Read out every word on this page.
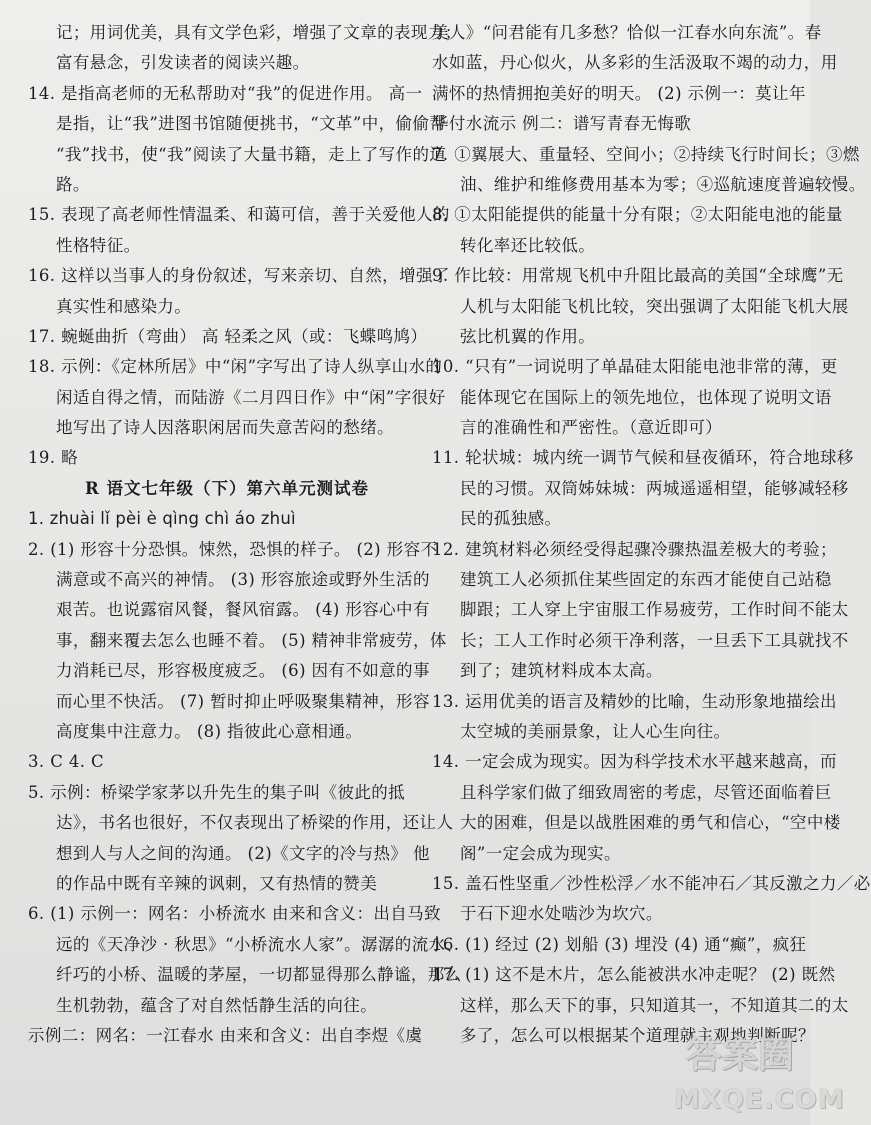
记；用词优美，具有文学色彩，增强了文章的表现力；
富有悬念，引发读者的阅读兴趣。
14. 是指高老师的无私帮助对“我”的促进作用。 高一
是指，让“我”进图书馆随便挑书，“文革”中，偷偷帮
“我”找书，使“我”阅读了大量书籍，走上了写作的道
路。
15. 表现了高老师性情温柔、和蔼可信，善于关爱他人的
性格特征。
16. 这样以当事人的身份叙述，写来亲切、自然，增强了
真实性和感染力。
17. 蜿蜒曲折（弯曲） 高 轻柔之风（或：飞蝶鸣鸠）
18. 示例：《定林所居》中“闲”字写出了诗人纵享山水的
闲适自得之情，而陆游《二月四日作》中“闲”字很好
地写出了诗人因落职闲居而失意苦闷的愁绪。
19. 略
R 语文七年级（下）第六单元测试卷
1. zhuài lǐ pèi è qìng chì áo zhuì
2. (1) 形容十分恐惧。悚然，恐惧的样子。 (2) 形容不
满意或不高兴的神情。 (3) 形容旅途或野外生活的
艰苦。也说露宿风餐，餐风宿露。 (4) 形容心中有
事，翻来覆去怎么也睡不着。 (5) 精神非常疲劳，体
力消耗已尽，形容极度疲乏。 (6) 因有不如意的事
而心里不快活。 (7) 暂时抑止呼吸聚集精神，形容
高度集中注意力。 (8) 指彼此心意相通。
3. C 4. C
5. 示例：桥梁学家茅以升先生的集子叫《彼此的抵
达》，书名也很好，不仅表现出了桥梁的作用，还让人
想到人与人之间的沟通。 (2)《文字的冷与热》 他
的作品中既有辛辣的讽刺，又有热情的赞美
6. (1) 示例一：网名：小桥流水 由来和含义：出自马致
远的《天净沙 · 秋思》“小桥流水人家”。潺潺的流水、
纤巧的小桥、温暖的茅屋，一切都显得那么静谧，那么
生机勃勃，蕴含了对自然恬静生活的向往。
示例二：网名：一江春水 由来和含义：出自李煜《虞
美人》“问君能有几多愁？恰似一江春水向东流”。春
水如蓝，丹心似火，从多彩的生活汲取不竭的动力，用
满怀的热情拥抱美好的明天。 (2) 示例一：莫让年
华付水流示 例二：谱写青春无悔歌
7. ①翼展大、重量轻、空间小；②持续飞行时间长；③燃
油、维护和维修费用基本为零；④巡航速度普遍较慢。
8. ①太阳能提供的能量十分有限；②太阳能电池的能量
转化率还比较低。
9. 作比较：用常规飞机中升阻比最高的美国“全球鹰”无
人机与太阳能飞机比较，突出强调了太阳能飞机大展
弦比机翼的作用。
10. “只有”一词说明了单晶硅太阳能电池非常的薄，更
能体现它在国际上的领先地位，也体现了说明文语
言的准确性和严密性。（意近即可）
11. 轮状城：城内统一调节气候和昼夜循环，符合地球移
民的习惯。双筒姊妹城：两城遥遥相望，能够减轻移
民的孤独感。
12. 建筑材料必须经受得起骤冷骤热温差极大的考验；
建筑工人必须抓住某些固定的东西才能使自己站稳
脚跟；工人穿上宇宙服工作易疲劳，工作时间不能太
长；工人工作时必须干净利落，一旦丢下工具就找不
到了；建筑材料成本太高。
13. 运用优美的语言及精妙的比喻，生动形象地描绘出
太空城的美丽景象，让人心生向往。
14. 一定会成为现实。因为科学技术水平越来越高，而
且科学家们做了细致周密的考虑，尽管还面临着巨
大的困难，但是以战胜困难的勇气和信心，“空中楼
阁”一定会成为现实。
15. 盖石性坚重／沙性松浮／水不能冲石／其反激之力／必
于石下迎水处啮沙为坎穴。
16. (1) 经过 (2) 划船 (3) 埋没 (4) 通“癫”，疯狂
17. (1) 这不是木片，怎么能被洪水冲走呢？ (2) 既然
这样，那么天下的事，只知道其一，不知道其二的太
多了，怎么可以根据某个道理就主观地判断呢？
答案圈
MXQE.COM
